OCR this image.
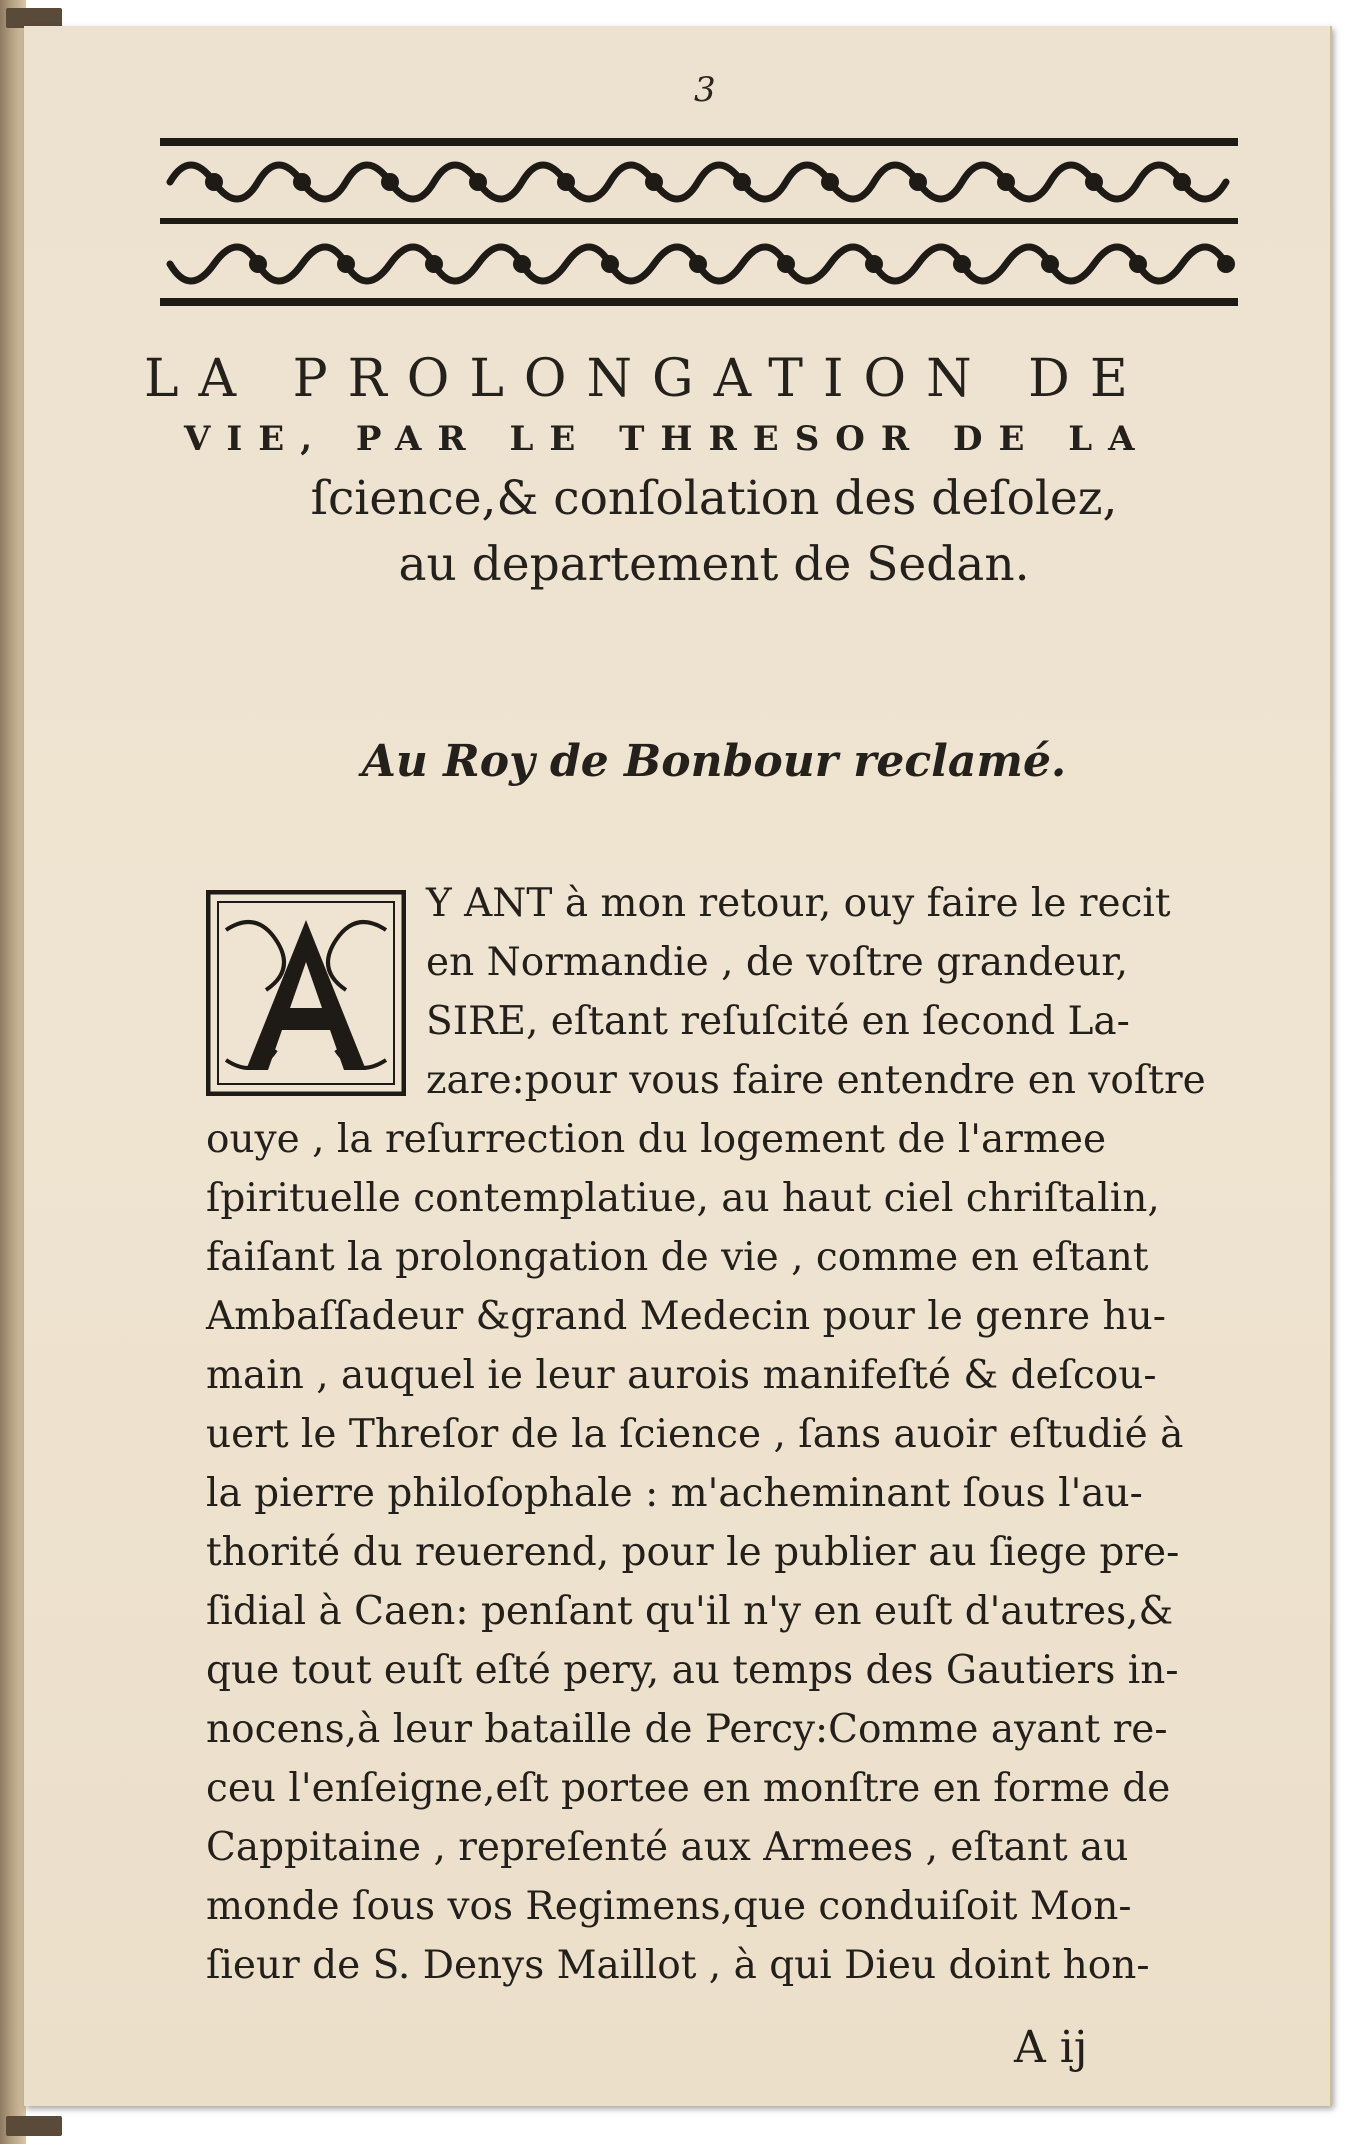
3
LA PROLONGATION DE
VIE, PAR LE THRESOR DE LA
ſcience,& conſolation des deſolez,
au departement de Sedan.
Au Roy de Bonbour reclamé.
Y ANT à mon retour, ouy faire le recit
en Normandie , de voſtre grandeur,
SIRE, eſtant reſuſcité en ſecond La-
zare:pour vous faire entendre en voſtre
ouye , la reſurrection du logement de l'armee
ſpirituelle contemplatiue, au haut ciel chriſtalin,
faiſant la prolongation de vie , comme en eſtant
Ambaſſadeur &grand Medecin pour le genre hu-
main , auquel ie leur aurois manifeſté & deſcou-
uert le Threſor de la ſcience , ſans auoir eſtudié à
la pierre philoſophale : m'acheminant ſous l'au-
thorité du reuerend, pour le publier au ſiege pre-
ſidial à Caen: penſant qu'il n'y en euſt d'autres,&
que tout euſt eſté pery, au temps des Gautiers in-
nocens,à leur bataille de Percy:Comme ayant re-
ceu l'enſeigne,eſt portee en monſtre en forme de
Cappitaine , repreſenté aux Armees , eſtant au
monde ſous vos Regimens,que conduiſoit Mon-
ſieur de S. Denys Maillot , à qui Dieu doint hon-
A ij
